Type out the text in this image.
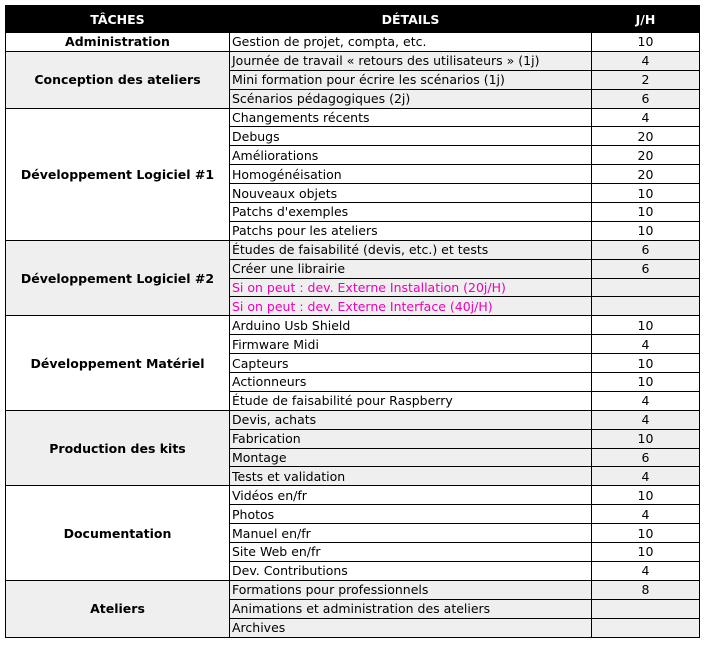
TÂCHES	DÉTAILS	J/H
Administration	Gestion de projet, compta, etc.	10
Conception des ateliers	Journée de travail « retours des utilisateurs » (1j)	4
	Mini formation pour écrire les scénarios (1j)	2
	Scénarios pédagogiques (2j)	6
Développement Logiciel #1	Changements récents	4
	Debugs	20
	Améliorations	20
	Homogénéisation	20
	Nouveaux objets	10
	Patchs d'exemples	10
	Patchs pour les ateliers	10
Développement Logiciel #2	Études de faisabilité (devis, etc.) et tests	6
	Créer une librairie	6
	Si on peut : dev. Externe Installation (20j/H)	
	Si on peut : dev. Externe Interface (40j/H)	
Développement Matériel	Arduino Usb Shield	10
	Firmware Midi	4
	Capteurs	10
	Actionneurs	10
	Étude de faisabilité pour Raspberry	4
Production des kits	Devis, achats	4
	Fabrication	10
	Montage	6
	Tests et validation	4
Documentation	Vidéos en/fr	10
	Photos	4
	Manuel en/fr	10
	Site Web en/fr	10
	Dev. Contributions	4
Ateliers	Formations pour professionnels	8
	Animations et administration des ateliers	
	Archives	
